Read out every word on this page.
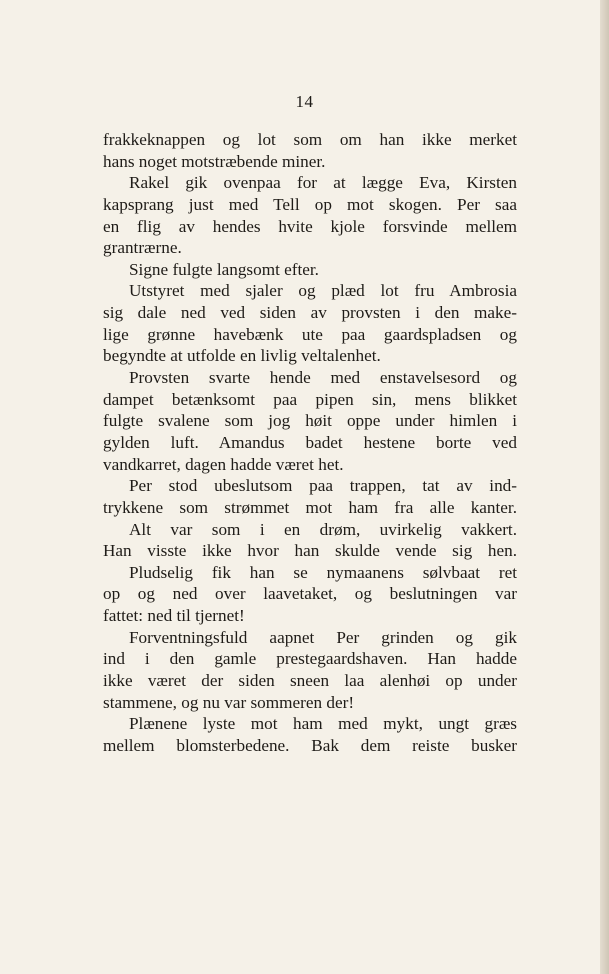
14
frakkeknappen og lot som om han ikke merket
hans noget motstræbende miner.
Rakel gik ovenpaa for at lægge Eva, Kirsten
kapsprang just med Tell op mot skogen. Per saa
en flig av hendes hvite kjole forsvinde mellem
grantrærne.
Signe fulgte langsomt efter.
Utstyret med sjaler og plæd lot fru Ambrosia
sig dale ned ved siden av provsten i den make-
lige grønne havebænk ute paa gaardspladsen og
begyndte at utfolde en livlig veltalenhet.
Provsten svarte hende med enstavelsesord og
dampet betænksomt paa pipen sin, mens blikket
fulgte svalene som jog høit oppe under himlen i
gylden luft. Amandus badet hestene borte ved
vandkarret, dagen hadde været het.
Per stod ubeslutsom paa trappen, tat av ind-
trykkene som strømmet mot ham fra alle kanter.
Alt var som i en drøm, uvirkelig vakkert.
Han visste ikke hvor han skulde vende sig hen.
Pludselig fik han se nymaanens sølvbaat ret
op og ned over laavetaket, og beslutningen var
fattet: ned til tjernet!
Forventningsfuld aapnet Per grinden og gik
ind i den gamle prestegaardshaven. Han hadde
ikke været der siden sneen laa alenhøi op under
stammene, og nu var sommeren der!
Plænene lyste mot ham med mykt, ungt græs
mellem blomsterbedene. Bak dem reiste busker
